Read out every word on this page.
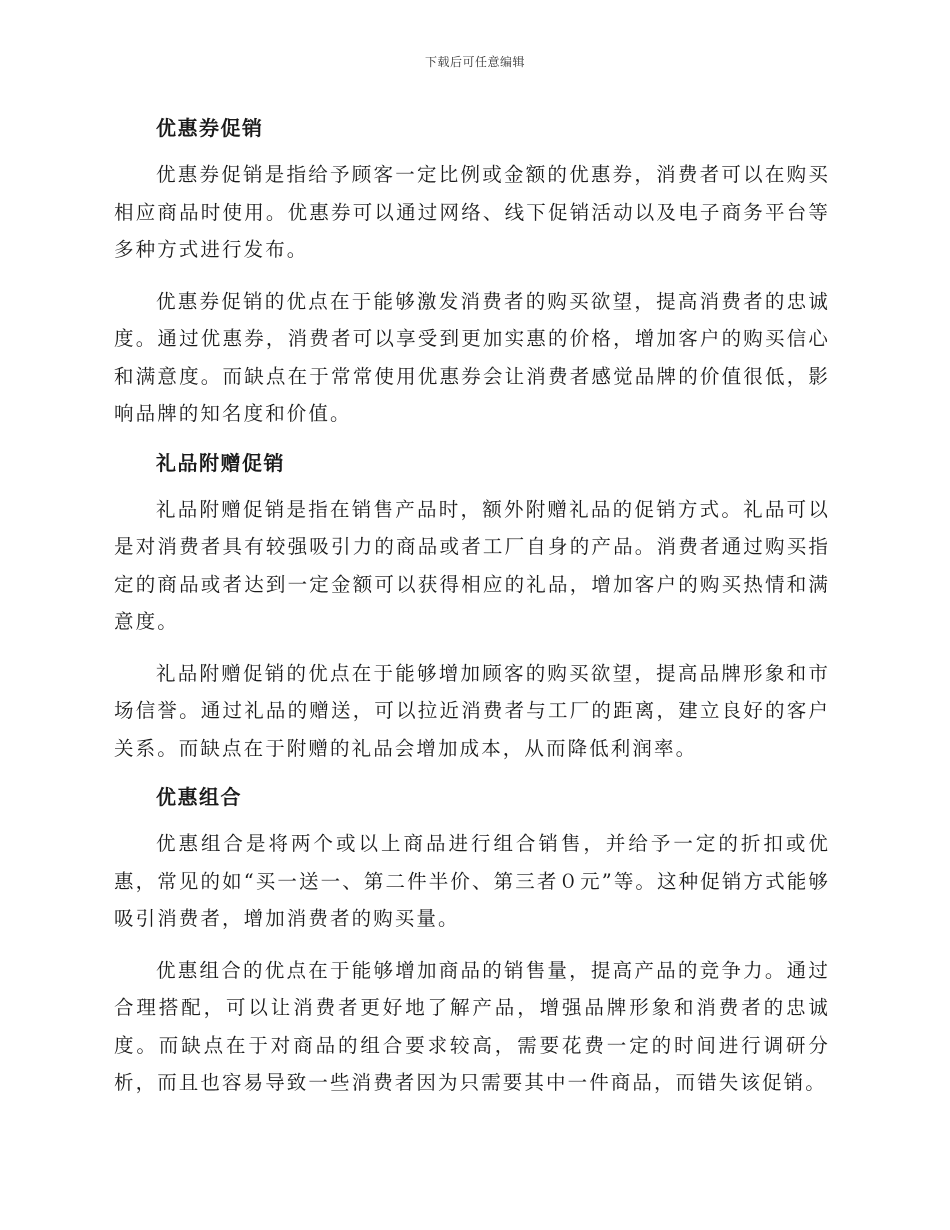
下载后可任意编辑
优惠券促销

优惠券促销是指给予顾客一定比例或金额的优惠券，消费者可以在购买相应商品时使用。优惠券可以通过网络、线下促销活动以及电子商务平台等多种方式进行发布。

优惠券促销的优点在于能够激发消费者的购买欲望，提高消费者的忠诚度。通过优惠券，消费者可以享受到更加实惠的价格，增加客户的购买信心和满意度。而缺点在于常常使用优惠券会让消费者感觉品牌的价值很低，影响品牌的知名度和价值。

礼品附赠促销

礼品附赠促销是指在销售产品时，额外附赠礼品的促销方式。礼品可以是对消费者具有较强吸引力的商品或者工厂自身的产品。消费者通过购买指定的商品或者达到一定金额可以获得相应的礼品，增加客户的购买热情和满意度。

礼品附赠促销的优点在于能够增加顾客的购买欲望，提高品牌形象和市场信誉。通过礼品的赠送，可以拉近消费者与工厂的距离，建立良好的客户关系。而缺点在于附赠的礼品会增加成本，从而降低利润率。

优惠组合

优惠组合是将两个或以上商品进行组合销售，并给予一定的折扣或优惠，常见的如“买一送一、第二件半价、第三者０元”等。这种促销方式能够吸引消费者，增加消费者的购买量。

优惠组合的优点在于能够增加商品的销售量，提高产品的竞争力。通过合理搭配，可以让消费者更好地了解产品，增强品牌形象和消费者的忠诚度。而缺点在于对商品的组合要求较高，需要花费一定的时间进行调研分析，而且也容易导致一些消费者因为只需要其中一件商品，而错失该促销。
